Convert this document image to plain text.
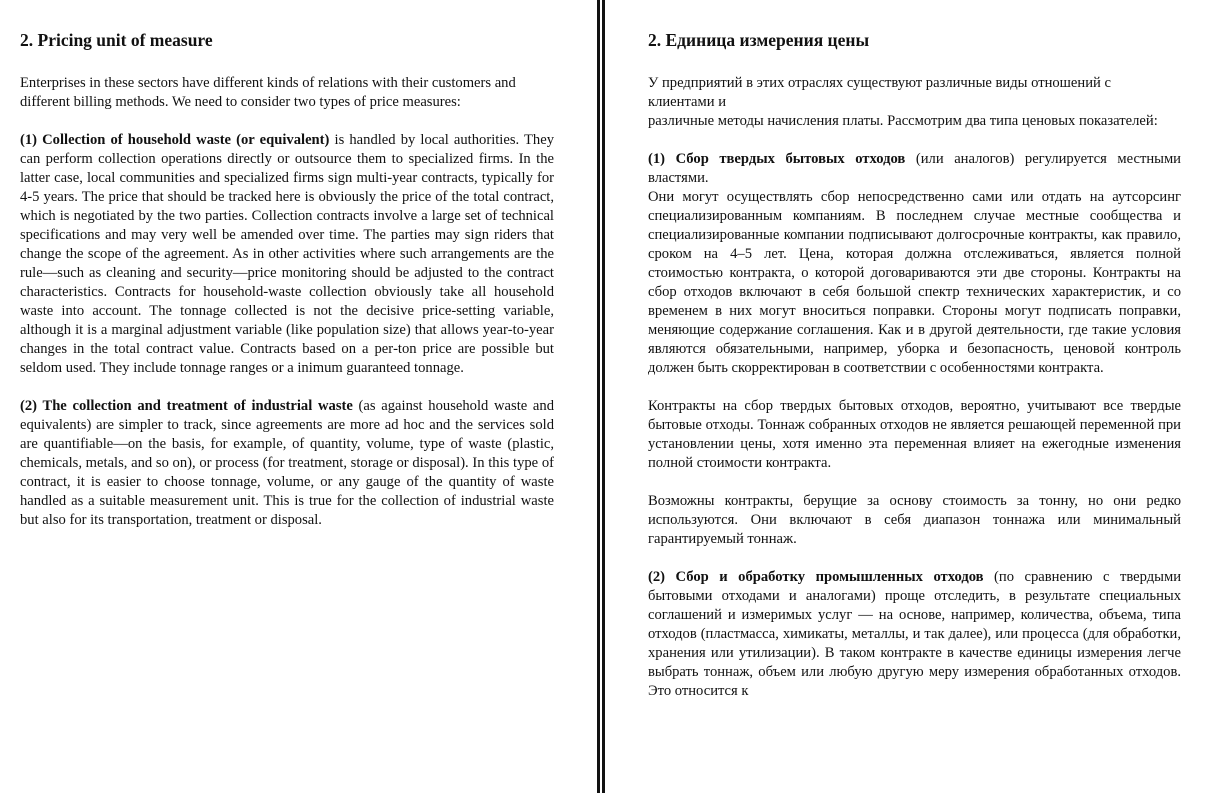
2. Pricing unit of measure

Enterprises in these sectors have different kinds of relations with their customers and
different billing methods. We need to consider two types of price measures:

(1) Collection of household waste (or equivalent) is handled by local authorities. They can perform collection operations directly or outsource them to specialized firms. In the latter case, local communities and specialized firms sign multi‐year contracts, typically for 4‐5 years. The price that should be tracked here is obviously the price of the total contract, which is negotiated by the two parties. Collection contracts involve a large set of technical specifications and may very well be amended over time. The parties may sign riders that change the scope of the agreement. As in other activities where such arrangements are the rule—such as cleaning and security—price monitoring should be adjusted to the contract characteristics. Contracts for household‐waste collection obviously take all household waste into account. The tonnage collected is not the decisive price‐setting variable, although it is a marginal adjustment variable (like population size) that allows year‐to‐year changes in the total contract value. Contracts based on a per‐ton price are possible but seldom used. They include tonnage ranges or a inimum guaranteed tonnage.

(2) The collection and treatment of industrial waste (as against household waste and equivalents) are simpler to track, since agreements are more ad hoc and the services sold are quantifiable—on the basis, for example, of quantity, volume, type of waste (plastic, chemicals, metals, and so on), or process (for treatment, storage or disposal). In this type of contract, it is easier to choose tonnage, volume, or any gauge of the quantity of waste handled as a suitable measurement unit. This is true for the collection of industrial waste but also for its transportation, treatment or disposal.

2. Единица измерения цены

У предприятий в этих отраслях существуют различные виды отношений с клиентами и
различные методы начисления платы. Рассмотрим два типа ценовых показателей:

(1) Сбор твердых бытовых отходов (или аналогов) регулируется местными властями.
Они могут осуществлять сбор непосредственно сами или отдать на аутсорсинг специализированным компаниям. В последнем случае местные сообщества и специализированные компании подписывают долгосрочные контракты, как правило, сроком на 4–5 лет. Цена, которая должна отслеживаться, является полной стоимостью контракта, о которой договариваются эти две стороны. Контракты на сбор отходов включают в себя большой спектр технических характеристик, и со временем в них могут вноситься поправки. Стороны могут подписать поправки, меняющие содержание соглашения. Как и в другой деятельности, где такие условия являются обязательными, например, уборка и безопасность, ценовой контроль должен быть скорректирован в соответствии с особенностями контракта.

Контракты на сбор твердых бытовых отходов, вероятно, учитывают все твердые бытовые отходы. Тоннаж собранных отходов не является решающей переменной при установлении цены, хотя именно эта переменная влияет на ежегодные изменения полной стоимости контракта.

Возможны контракты, берущие за основу стоимость за тонну, но они редко используются. Они включают в себя диапазон тоннажа или минимальный гарантируемый тоннаж.

(2) Сбор и обработку промышленных отходов (по сравнению с твердыми бытовыми отходами и аналогами) проще отследить, в результате специальных соглашений и измеримых услуг — на основе, например, количества, объема, типа отходов (пластмасса, химикаты, металлы, и так далее), или процесса (для обработки, хранения или утилизации). В таком контракте в качестве единицы измерения легче выбрать тоннаж, объем или любую другую меру измерения обработанных отходов. Это относится к
